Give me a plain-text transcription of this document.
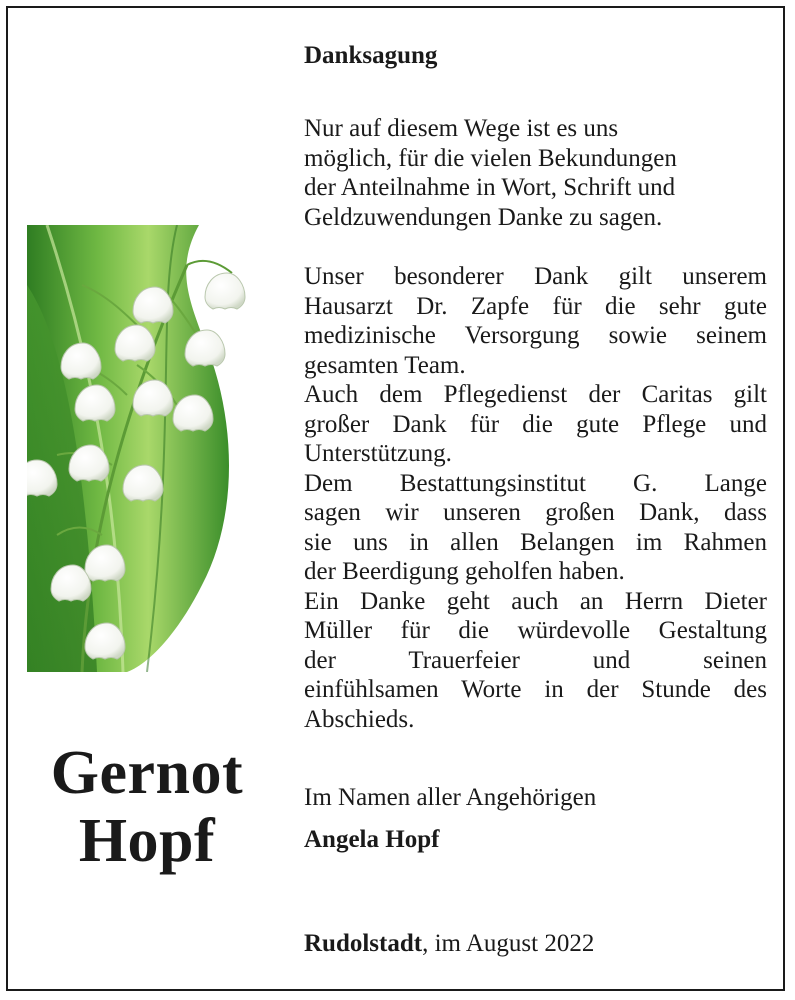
Gernot
Hopf
Danksagung
Nur auf diesem Wege ist es uns
möglich, für die vielen Bekundungen
der Anteilnahme in Wort, Schrift und
Geldzuwendungen Danke zu sagen.
Unser besonderer Dank gilt unserem
Hausarzt Dr. Zapfe für die sehr gute
medizinische Versorgung sowie seinem
gesamten Team.
Auch dem Pflegedienst der Caritas gilt
großer Dank für die gute Pflege und
Unterstützung.
Dem Bestattungsinstitut G. Lange
sagen wir unseren großen Dank, dass
sie uns in allen Belangen im Rahmen
der Beerdigung geholfen haben.
Ein Danke geht auch an Herrn Dieter
Müller für die würdevolle Gestaltung
der Trauerfeier und seinen
einfühlsamen Worte in der Stunde des
Abschieds.
Im Namen aller Angehörigen
Angela Hopf
Rudolstadt, im August 2022
